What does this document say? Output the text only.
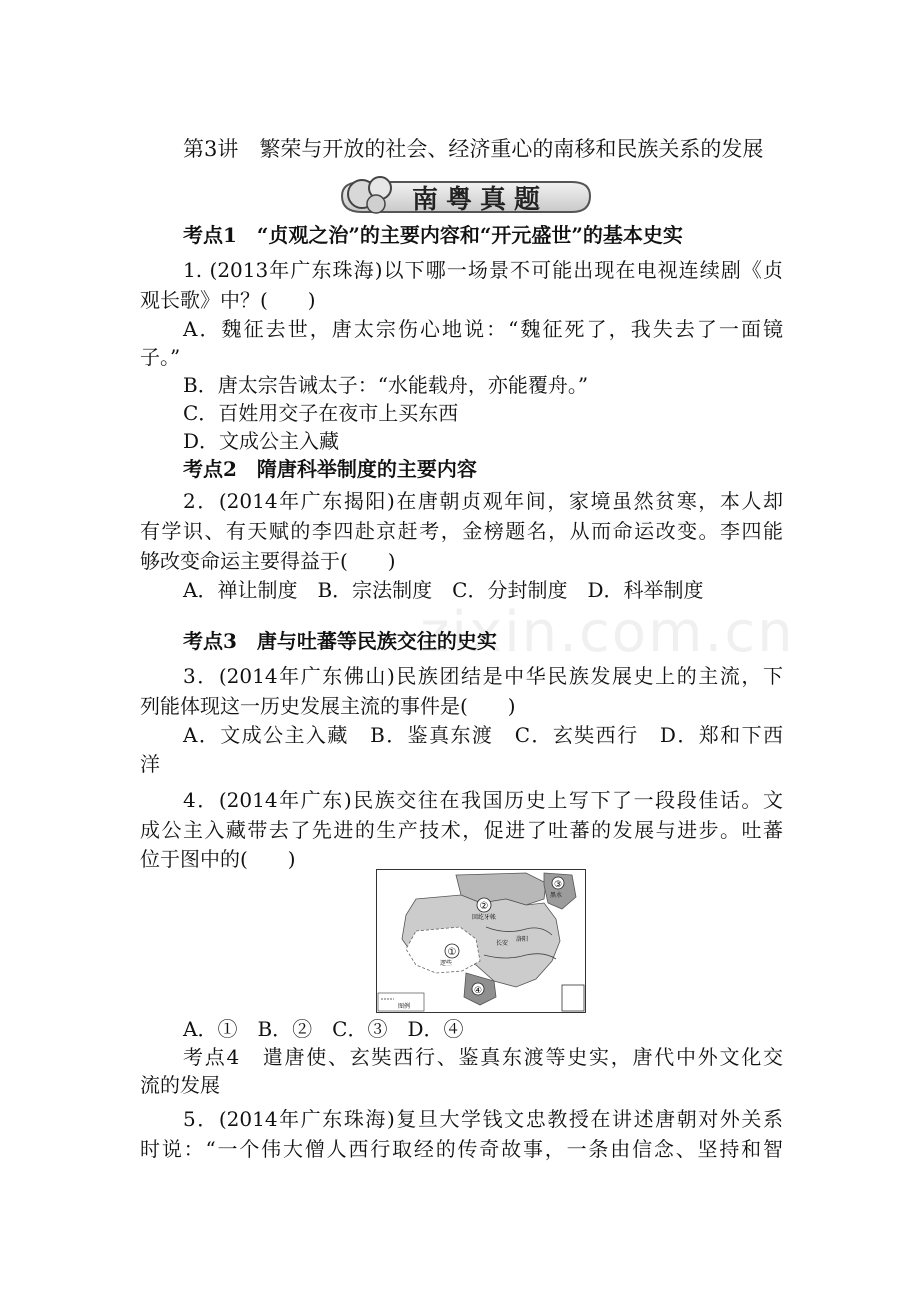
第3讲　繁荣与开放的社会、经济重心的南移和民族关系的发展
南粤真题
zixin.com.cn
考点1　“贞观之治”的主要内容和“开元盛世”的基本史实
1. (2013年广东珠海)以下哪一场景不可能出现在电视连续剧《贞
观长歌》中？(　　)
A．魏征去世，唐太宗伤心地说：“魏征死了，我失去了一面镜
子。”
B．唐太宗告诫太子：“水能载舟，亦能覆舟。”
C．百姓用交子在夜市上买东西
D．文成公主入藏
考点2　隋唐科举制度的主要内容
2．(2014年广东揭阳)在唐朝贞观年间，家境虽然贫寒，本人却
有学识、有天赋的李四赴京赶考，金榜题名，从而命运改变。李四能
够改变命运主要得益于(　　)
A．禅让制度　B．宗法制度　C．分封制度　D．科举制度
考点3　唐与吐蕃等民族交往的史实
3．(2014年广东佛山)民族团结是中华民族发展史上的主流，下
列能体现这一历史发展主流的事件是(　　)
A．文成公主入藏　B．鉴真东渡　C．玄奘西行　D．郑和下西
洋
4．(2014年广东)民族交往在我国历史上写下了一段段佳话。文
成公主入藏带去了先进的生产技术，促进了吐蕃的发展与进步。吐蕃
位于图中的(　　)
①
②
③
④
回纥牙帐
逻些
长安
洛阳
黑水
图例
A．①　B．②　C．③　D．④
考点4　遣唐使、玄奘西行、鉴真东渡等史实，唐代中外文化交
流的发展
5．(2014年广东珠海)复旦大学钱文忠教授在讲述唐朝对外关系
时说：“一个伟大僧人西行取经的传奇故事，一条由信念、坚持和智
